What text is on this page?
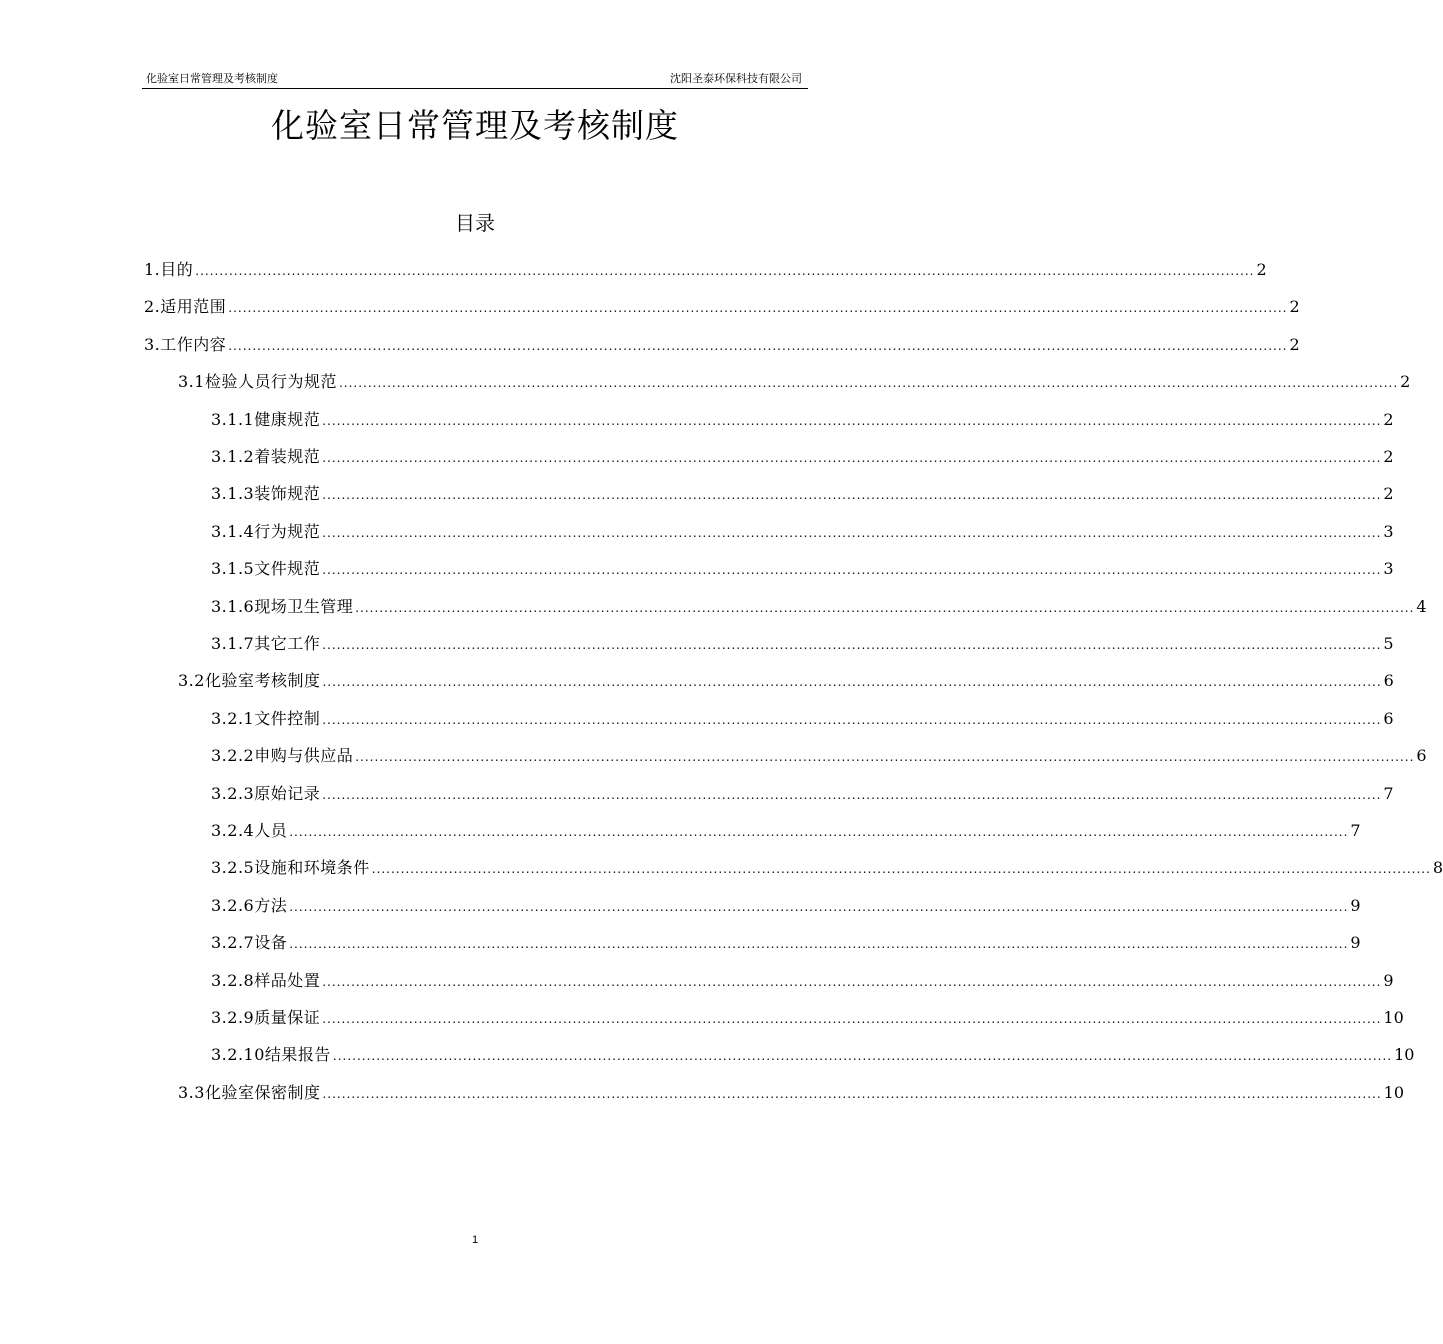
化验室日常管理及考核制度	沈阳圣泰环保科技有限公司
化验室日常管理及考核制度
目录
1.目的 ............................................................................................................................................................................................................................ 2
2.适用范围 ............................................................................................................................................................................................................................ 2
3.工作内容 ............................................................................................................................................................................................................................ 2
3.1检验人员行为规范 ............................................................................................................................................................................................................................ 2
3.1.1健康规范 ............................................................................................................................................................................................................................ 2
3.1.2着装规范 ............................................................................................................................................................................................................................ 2
3.1.3装饰规范 ............................................................................................................................................................................................................................ 2
3.1.4行为规范 ............................................................................................................................................................................................................................ 3
3.1.5文件规范 ............................................................................................................................................................................................................................ 3
3.1.6现场卫生管理 ............................................................................................................................................................................................................................ 4
3.1.7其它工作 ............................................................................................................................................................................................................................ 5
3.2化验室考核制度 ............................................................................................................................................................................................................................ 6
3.2.1文件控制 ............................................................................................................................................................................................................................ 6
3.2.2申购与供应品 ............................................................................................................................................................................................................................ 6
3.2.3原始记录 ............................................................................................................................................................................................................................ 7
3.2.4人员 ............................................................................................................................................................................................................................ 7
3.2.5设施和环境条件 ............................................................................................................................................................................................................................ 8
3.2.6方法 ............................................................................................................................................................................................................................ 9
3.2.7设备 ............................................................................................................................................................................................................................ 9
3.2.8样品处置 ............................................................................................................................................................................................................................ 9
3.2.9质量保证 ............................................................................................................................................................................................................................ 10
3.2.10结果报告 ............................................................................................................................................................................................................................ 10
3.3化验室保密制度 ............................................................................................................................................................................................................................ 10
1
